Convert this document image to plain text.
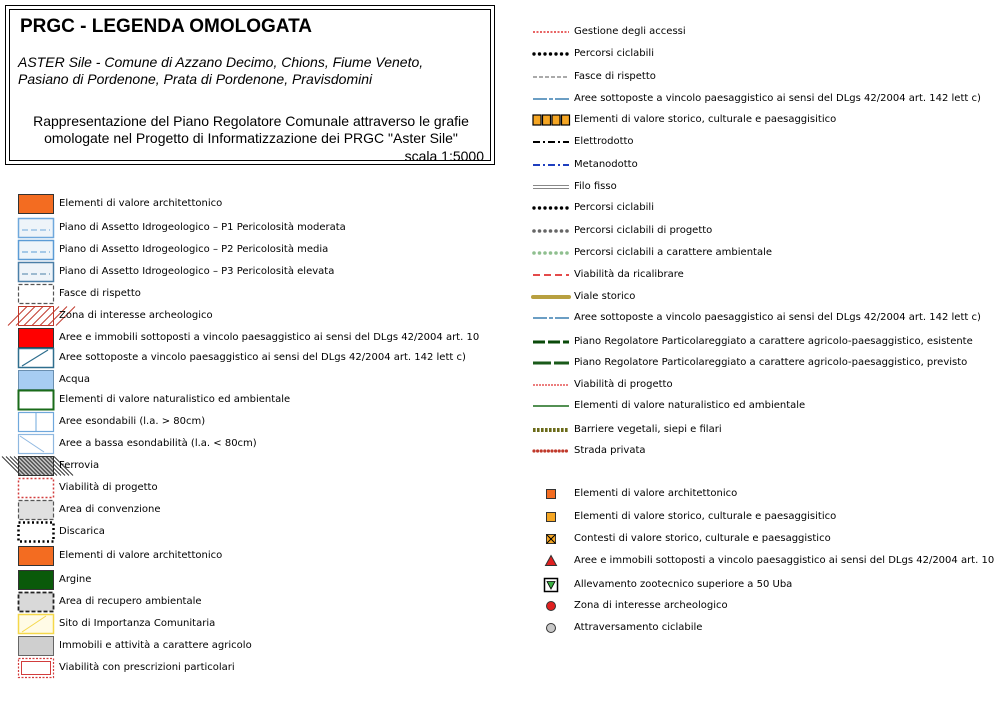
PRGC - LEGENDA OMOLOGATA
ASTER Sile - Comune di Azzano Decimo, Chions, Fiume Veneto,
Pasiano di Pordenone, Prata di Pordenone, Pravisdomini
Rappresentazione del Piano Regolatore Comunale attraverso le grafie
omologate nel Progetto di Informatizzazione dei PRGC "Aster Sile"
scala 1:5000
Elementi di valore architettonico
Piano di Assetto Idrogeologico – P1 Pericolosità moderata
Piano di Assetto Idrogeologico – P2 Pericolosità media
Piano di Assetto Idrogeologico – P3 Pericolosità elevata
Fasce di rispetto
Zona di interesse archeologico
Aree e immobili sottoposti a vincolo paesaggistico ai sensi del DLgs 42/2004 art. 10
Aree sottoposte a vincolo paesaggistico ai sensi del DLgs 42/2004 art. 142 lett c)
Acqua
Elementi di valore naturalistico ed ambientale
Aree esondabili (l.a. > 80cm)
Aree a bassa esondabilità (l.a. < 80cm)
Ferrovia
Viabilità di progetto
Area di convenzione
Discarica
Elementi di valore architettonico
Argine
Area di recupero ambientale
Sito di Importanza Comunitaria
Immobili e attività a carattere agricolo
Viabilità con prescrizioni particolari
Gestione degli accessi
Percorsi ciclabili
Fasce di rispetto
Aree sottoposte a vincolo paesaggistico ai sensi del DLgs 42/2004 art. 142 lett c)
Elementi di valore storico, culturale e paesaggisitico
Elettrodotto
Metanodotto
Filo fisso
Percorsi ciclabili
Percorsi ciclabili di progetto
Percorsi ciclabili a carattere ambientale
Viabilità da ricalibrare
Viale storico
Aree sottoposte a vincolo paesaggistico ai sensi del DLgs 42/2004 art. 142 lett c)
Piano Regolatore Particolareggiato a carattere agricolo-paesaggistico, esistente
Piano Regolatore Particolareggiato a carattere agricolo-paesaggistico, previsto
Viabilità di progetto
Elementi di valore naturalistico ed ambientale
Barriere vegetali, siepi e filari
Strada privata
Elementi di valore architettonico
Elementi di valore storico, culturale e paesaggisitico
Contesti di valore storico, culturale e paesaggistico
Aree e immobili sottoposti a vincolo paesaggistico ai sensi del DLgs 42/2004 art. 10
Allevamento zootecnico superiore a 50 Uba
Zona di interesse archeologico
Attraversamento ciclabile
